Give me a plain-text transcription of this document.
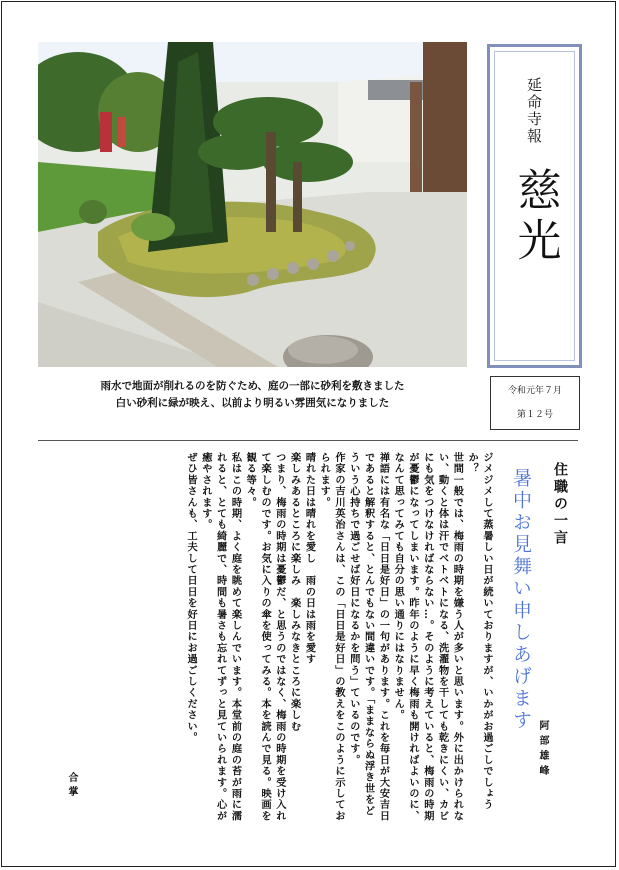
延命寺報
慈光
雨水で地面が削れるのを防ぐため、庭の一部に砂利を敷きました
白い砂利に緑が映え、以前より明るい雰囲気になりました
令和元年７月
第１２号
住職の一言
暑中お見舞い申しあげます
阿部雄峰

ジメジメして蒸暑しい日が続いておりますが、いかがお過ごしでしょうか？

世間一般では、梅雨の時期を嫌う人が多いと思います。外に出かけられない、動くと体は汗でベトベトになる、洗濯物を干しても乾きにくい、カビにも気をつけなければならない…。そのように考えていると、梅雨の時期が憂鬱になってしまいます。昨年のように早く梅雨も開ければよいのに、なんて思ってみても自分の思い通りにはなりません。

禅語には有名な「日日是好日」の一句があります。これを毎日が大安吉日であると解釈すると、とんでもない間違いです。「ままならぬ浮き世をどういう心持ちで過ごせば好日になるかを問う」ているのです。

作家の吉川英治さんは、この「日日是好日」の教えをこのように示しておられます。

晴れた日は晴れを愛し　雨の日は雨を愛す

楽しみあるところに楽しみ　楽しみなきところに楽しむ

つまり、梅雨の時期は憂鬱だ、と思うのではなく、梅雨の時期を受け入れて楽しむのです。お気に入りの傘を使ってみる。本を読んで見る。映画を観る等々。

私はこの時期、よく庭を眺めて楽しんでいます。本堂前の庭の苔が雨に濡れると、とても綺麗で、時間も暑さも忘れてずっと見ていられます。心が癒やされます。

ぜひ皆さんも、工夫して日日を好日にお過ごしください。

合掌
